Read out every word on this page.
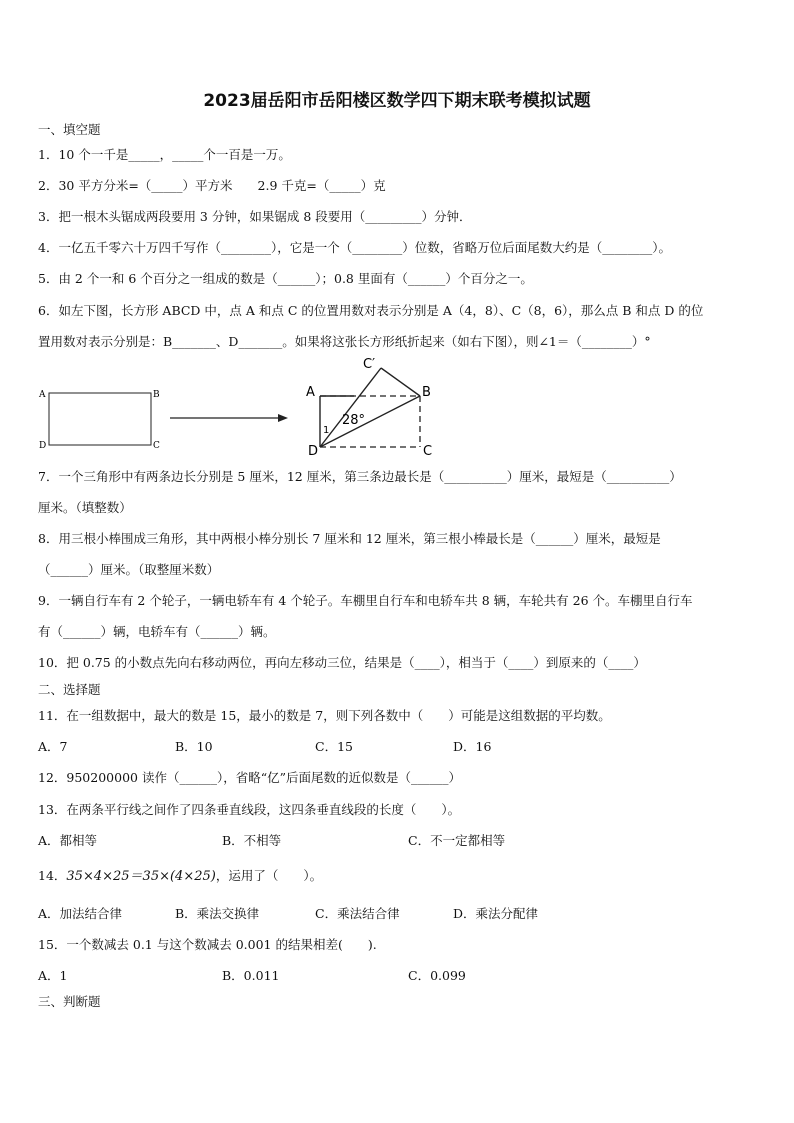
2023届岳阳市岳阳楼区数学四下期末联考模拟试题
一、填空题
1．10 个一千是_____，_____个一百是一万。
2．30 平方分米=（_____）平方米　　2.9 千克=（_____）克
3．把一根木头锯成两段要用 3 分钟，如果锯成 8 段要用（_________）分钟．
4．一亿五千零六十万四千写作（________），它是一个（________）位数，省略万位后面尾数大约是（________）。
5．由 2 个一和 6 个百分之一组成的数是（______）；0.8 里面有（______）个百分之一。
6．如左下图，长方形 ABCD 中，点 A 和点 C 的位置用数对表示分别是 A（4，8）、C（8，6），那么点 B 和点 D 的位
置用数对表示分别是：B_______、D_______。如果将这张长方形纸折起来（如右下图），则∠1＝（________）°
A	B
D	C
A	B
D	C
C′
1
28°
7．一个三角形中有两条边长分别是 5 厘米，12 厘米，第三条边最长是（__________）厘米，最短是（__________）
厘米。（填整数）
8．用三根小棒围成三角形，其中两根小棒分别长 7 厘米和 12 厘米，第三根小棒最长是（______）厘米，最短是
（______）厘米。（取整厘米数）
9．一辆自行车有 2 个轮子，一辆电轿车有 4 个轮子。车棚里自行车和电轿车共 8 辆，车轮共有 26 个。车棚里自行车
有（______）辆，电轿车有（______）辆。
10．把 0.75 的小数点先向右移动两位，再向左移动三位，结果是（____），相当于（____）到原来的（____）
二、选择题
11．在一组数据中，最大的数是 15，最小的数是 7，则下列各数中（　　）可能是这组数据的平均数。
A．7	B．10	C．15	D．16
12．950200000 读作（______），省略“亿”后面尾数的近似数是（______）
13．在两条平行线之间作了四条垂直线段，这四条垂直线段的长度（　　）。
A．都相等	B．不相等	C．不一定都相等
14．35×4×25＝35×(4×25)，运用了（　　）。
A．加法结合律	B．乘法交换律	C．乘法结合律	D．乘法分配律
15．一个数减去 0.1 与这个数减去 0.001 的结果相差(　　).
A．1	B．0.011	C．0.099
三、判断题
